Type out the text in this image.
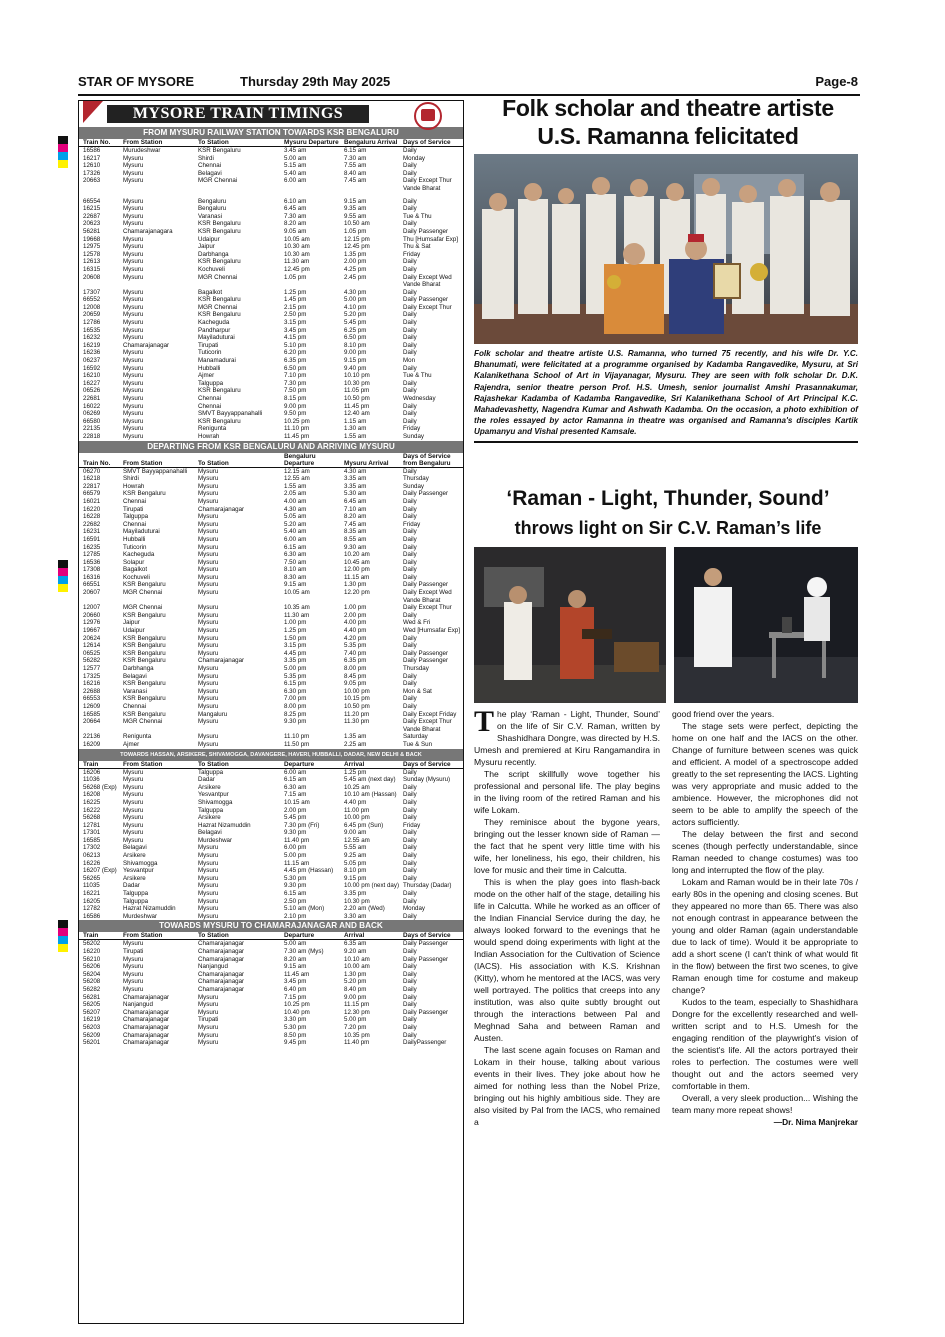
STAR OF MYSORE	Thursday 29th May 2025	Page-8
MYSORE TRAIN TIMINGS
FROM MYSURU RAILWAY STATION TOWARDS KSR BENGALURU
Train No.	From Station	To Station	Mysuru Departure	Bengaluru Arrival	Days of Service
16586	Murudeshwar	KSR Bengaluru	3.45 am	6.15 am	Daily
16217	Mysuru	Shirdi	5.00 am	7.30 am	Monday
12610	Mysuru	Chennai	5.15 am	7.55 am	Daily
17326	Mysuru	Belagavi	5.40 am	8.40 am	Daily
20663	Mysuru	MGR Chennai	6.00 am	7.45 am	Daily Except Thur
					Vande Bharat

66554	Mysuru	Bengaluru	6.10 am	9.15 am	Daily
16215	Mysuru	Bengaluru	6.45 am	9.35 am	Daily
22687	Mysuru	Varanasi	7.30 am	9.55 am	Tue & Thu
20623	Mysuru	KSR Bengaluru	8.20 am	10.50 am	Daily
56281	Chamarajanagara	KSR Bengaluru	9.05 am	1.05 pm	Daily Passenger
19668	Mysuru	Udaipur	10.05 am	12.15 pm	Thu [Humsafar Exp]
12975	Mysuru	Jaipur	10.30 am	12.45 pm	Thu & Sat
12578	Mysuru	Darbhanga	10.30 am	1.35 pm	Friday
12613	Mysuru	KSR Bengaluru	11.30 am	2.00 pm	Daily
16315	Mysuru	Kochuveli	12.45 pm	4.25 pm	Daily
20608	Mysuru	MGR Chennai	1.05 pm	2.45 pm	Daily Except Wed
					Vande Bharat
17307	Mysuru	Bagalkot	1.25 pm	4.30 pm	Daily
66552	Mysuru	KSR Bengaluru	1.45 pm	5.00 pm	Daily Passenger
12008	Mysuru	MGR Chennai	2.15 pm	4.10 pm	Daily Except Thur
20659	Mysuru	KSR Bengaluru	2.50 pm	5.20 pm	Daily
12786	Mysuru	Kacheguda	3.15 pm	5.45 pm	Daily
16535	Mysuru	Pandharpur	3.45 pm	6.25 pm	Daily
16232	Mysuru	Mayiladuturai	4.15 pm	6.50 pm	Daily
16219	Chamarajanagar	Tirupati	5.10 pm	8.10 pm	Daily
16236	Mysuru	Tuticorin	6.20 pm	9.00 pm	Daily
06237	Mysuru	Manamadurai	6.35 pm	9.15 pm	Mon
16592	Mysuru	Hubballi	6.50 pm	9.40 pm	Daily
16210	Mysuru	Ajmer	7.10 pm	10.10 pm	Tue & Thu
16227	Mysuru	Talguppa	7.30 pm	10.30 pm	Daily
06526	Mysuru	KSR Bengaluru	7.50 pm	11.05 pm	Daily
22681	Mysuru	Chennai	8.15 pm	10.50 pm	Wednesday
16022	Mysuru	Chennai	9.00 pm	11.45 pm	Daily
06269	Mysuru	SMVT Bayyappanahalli	9.50 pm	12.40 am	Daily
66580	Mysuru	KSR Bengaluru	10.25 pm	1.15 am	Daily
22135	Mysuru	Renigunta	11.10 pm	1.30 am	Friday
22818	Mysuru	Howrah	11.45 pm	1.55 am	Sunday
DEPARTING FROM KSR BENGALURU AND ARRIVING MYSURU
Train No.	From Station	To Station	Bengaluru Departure	Mysuru Arrival	Days of Service from Bengaluru
06270	SMVT Bayyappanahalli	Mysuru	12.15 am	4.30 am	Daily
16218	Shirdi	Mysuru	12.55 am	3.35 am	Thursday
22817	Howrah	Mysuru	1.55 am	3.35 am	Sunday
66579	KSR Bengaluru	Mysuru	2.05 am	5.30 am	Daily Passenger
16021	Chennai	Mysuru	4.00 am	6.45 am	Daily
16220	Tirupati	Chamarajanagar	4.30 am	7.10 am	Daily
16228	Talguppa	Mysuru	5.05 am	8.20 am	Daily
22682	Chennai	Mysuru	5.20 am	7.45 am	Friday
16231	Mayiladuturai	Mysuru	5.40 am	8.35 am	Daily
16591	Hubballi	Mysuru	6.00 am	8.55 am	Daily
16235	Tuticorin	Mysuru	6.15 am	9.30 am	Daily
12785	Kacheguda	Mysuru	6.30 am	10.20 am	Daily
16536	Solapur	Mysuru	7.50 am	10.45 am	Daily
17308	Bagalkot	Mysuru	8.10 am	12.00 pm	Daily
16316	Kochuveli	Mysuru	8.30 am	11.15 am	Daily
66551	KSR Bengaluru	Mysuru	9.15 am	1.30 pm	Daily Passenger
20607	MGR Chennai	Mysuru	10.05 am	12.20 pm	Daily Except Wed
					Vande Bharat
12007	MGR Chennai	Mysuru	10.35 am	1.00 pm	Daily Except Thur
20660	KSR Bengaluru	Mysuru	11.30 am	2.00 pm	Daily
12976	Jaipur	Mysuru	1.00 pm	4.00 pm	Wed & Fri
19667	Udaipur	Mysuru	1.25 pm	4.40 pm	Wed [Humsafar Exp]
20624	KSR Bengaluru	Mysuru	1.50 pm	4.20 pm	Daily
12614	KSR Bengaluru	Mysuru	3.15 pm	5.35 pm	Daily
06525	KSR Bengaluru	Mysuru	4.45 pm	7.40 pm	Daily Passenger
56282	KSR Bengaluru	Chamarajanagar	3.35 pm	6.35 pm	Daily Passenger
12577	Darbhanga	Mysuru	5.00 pm	8.00 pm	Thursday
17325	Belagavi	Mysuru	5.35 pm	8.45 pm	Daily
16216	KSR Bengaluru	Mysuru	6.15 pm	9.05 pm	Daily
22688	Varanasi	Mysuru	6.30 pm	10.00 pm	Mon & Sat
66553	KSR Bengaluru	Mysuru	7.00 pm	10.15 pm	Daily
12609	Chennai	Mysuru	8.00 pm	10.50 pm	Daily
16585	KSR Bengaluru	Mangaluru	8.25 pm	11.20 pm	Daily Except Friday
20664	MGR Chennai	Mysuru	9.30 pm	11.30 pm	Daily Except Thur
					Vande Bharat
22136	Renigunta	Mysuru	11.10 pm	1.35 am	Saturday
16209	Ajmer	Mysuru	11.50 pm	2.25 am	Tue & Sun
TOWARDS HASSAN, ARSIKERE, SHIVAMOGGA, DAVANGERE, HAVERI, HUBBALLI, DADAR, NEW DELHI & BACK
Train	From Station	To Station	Departure	Arrival	Days of Service
16206	Mysuru	Talguppa	6.00 am	1.25 pm	Daily
11036	Mysuru	Dadar	6.15 am	5.45 am (next day)	Sunday (Mysuru)
56268 (Exp)	Mysuru	Arsikere	6.30 am	10.25 am	Daily
16208	Mysuru	Yesvantpur	7.15 am	10.10 am (Hassan)	Daily
16225	Mysuru	Shivamogga	10.15 am	4.40 pm	Daily
16222	Mysuru	Talguppa	2.00 pm	11.00 pm	Daily
56268	Mysuru	Arsikere	5.45 pm	10.00 pm	Daily
12781	Mysuru	Hazrat Nizamuddin	7.30 pm (Fri)	6.45 pm (Sun)	Friday
17301	Mysuru	Belagavi	9.30 pm	9.00 am	Daily
16585	Mysuru	Murdeshwar	11.40 pm	12.55 am	Daily
17302	Belagavi	Mysuru	6.00 pm	5.55 am	Daily
06213	Arsikere	Mysuru	5.00 pm	9.25 am	Daily
16226	Shivamogga	Mysuru	11.15 am	5.05 pm	Daily
16207 (Exp)	Yesvantpur	Mysuru	4.45 pm (Hassan)	8.10 pm	Daily
56265	Arsikere	Mysuru	5.30 pm	9.15 pm	Daily
11035	Dadar	Mysuru	9.30 pm	10.00 pm (next day)	Thursday (Dadar)
16221	Talguppa	Mysuru	6.15 am	3.35 pm	Daily
16205	Talguppa	Mysuru	2.50 pm	10.30 pm	Daily
12782	Hazrat Nizamuddin	Mysuru	5.10 am (Mon)	2.20 am (Wed)	Monday
16586	Murdeshwar	Mysuru	2.10 pm	3.30 am	Daily
TOWARDS MYSURU TO CHAMARAJANAGAR AND BACK
Train	From Station	To Station	Departure	Arrival	Days of Service
56202	Mysuru	Chamarajanagar	5.00 am	6.35 am	Daily Passenger
16220	Tirupati	Chamarajanagar	7.30 am (Mys)	9.20 am	Daily
56210	Mysuru	Chamarajanagar	8.20 am	10.10 am	Daily Passenger
56206	Mysuru	Nanjangud	9.15 am	10.00 am	Daily
56204	Mysuru	Chamarajanagar	11.45 am	1.30 pm	Daily
56208	Mysuru	Chamarajanagar	3.45 pm	5.20 pm	Daily
56282	Mysuru	Chamarajanagar	6.40 pm	8.40 pm	Daily
56281	Chamarajanagar	Mysuru	7.15 pm	9.00 pm	Daily
56205	Nanjangud	Mysuru	10.25 pm	11.15 pm	Daily
56207	Chamarajanagar	Mysuru	10.40 pm	12.30 pm	Daily Passenger
16219	Chamarajanagar	Tirupati	3.30 pm	5.00 pm	Daily
56203	Chamarajanagar	Mysuru	5.30 pm	7.20 pm	Daily
56209	Chamarajanagar	Mysuru	8.50 pm	10.35 pm	Daily
56201	Chamarajanagar	Mysuru	9.45 pm	11.40 pm	DailyPassenger
Folk scholar and theatre artiste
U.S. Ramanna felicitated
Folk scholar and theatre artiste U.S. Ramanna, who turned 75 recently, and his wife Dr. Y.C. Bhanumati, were felicitated at a programme organised by Kadamba Rangavedike, Mysuru, at Sri Kalanikethana School of Art in Vijayanagar, Mysuru. They are seen with folk scholar Dr. D.K. Rajendra, senior theatre person Prof. H.S. Umesh, senior journalist Amshi Prasannakumar, Rajashekar Kadamba of Kadamba Rangavedike, Sri Kalanikethana School of Art Principal K.C. Mahadevashetty, Nagendra Kumar and Ashwath Kadamba. On the occasion, a photo exhibition of the roles essayed by actor Ramanna in theatre was organised and Ramanna's disciples Kartik Upamanyu and Vishal presented Kamsale.
‘Raman - Light, Thunder, Sound’
throws light on Sir C.V. Raman’s life
T he play ‘Raman - Light, Thunder, Sound’ on the life of Sir C.V. Raman, written by Shashidhara Dongre, was directed by H.S. Umesh and premiered at Kiru Rangamandira in Mysuru recently.

The script skillfully wove together his professional and personal life. The play begins in the living room of the retired Raman and his wife Lokam.

They reminisce about the bygone years, bringing out the lesser known side of Raman — the fact that he spent very little time with his wife, her loneliness, his ego, their children, his love for music and their time in Calcutta.

This is when the play goes into flash-back mode on the other half of the stage, detailing his life in Calcutta. While he worked as an officer of the Indian Financial Service during the day, he always looked forward to the evenings that he would spend doing experiments with light at the Indian Association for the Cultivation of Science (IACS). His association with K.S. Krishnan (Kitty), whom he mentored at the IACS, was very well portrayed. The politics that creeps into any institution, was also quite subtly brought out through the interactions between Pal and Meghnad Saha and between Raman and Austen.

The last scene again focuses on Raman and Lokam in their house, talking about various events in their lives. They joke about how he aimed for nothing less than the Nobel Prize, bringing out his highly ambitious side. They are also visited by Pal from the IACS, who remained a

good friend over the years.

The stage sets were perfect, depicting the home on one half and the IACS on the other. Change of furniture between scenes was quick and efficient. A model of a spectroscope added greatly to the set representing the IACS. Lighting was very appropriate and music added to the ambience. However, the microphones did not seem to be able to amplify the speech of the actors sufficiently.

The delay between the first and second scenes (though perfectly understandable, since Raman needed to change costumes) was too long and interrupted the flow of the play.

Lokam and Raman would be in their late 70s / early 80s in the opening and closing scenes. But they appeared no more than 65. There was also not enough contrast in appearance between the young and older Raman (again understandable due to lack of time). Would it be appropriate to add a short scene (I can't think of what would fit in the flow) between the first two scenes, to give Raman enough time for costume and makeup change?

Kudos to the team, especially to Shashidhara Dongre for the excellently researched and well-written script and to H.S. Umesh for the engaging rendition of the playwright's vision of the scientist's life. All the actors portrayed their roles to perfection. The costumes were well thought out and the actors seemed very comfortable in them.

Overall, a very sleek production... Wishing the team many more repeat shows!

—Dr. Nima Manjrekar
